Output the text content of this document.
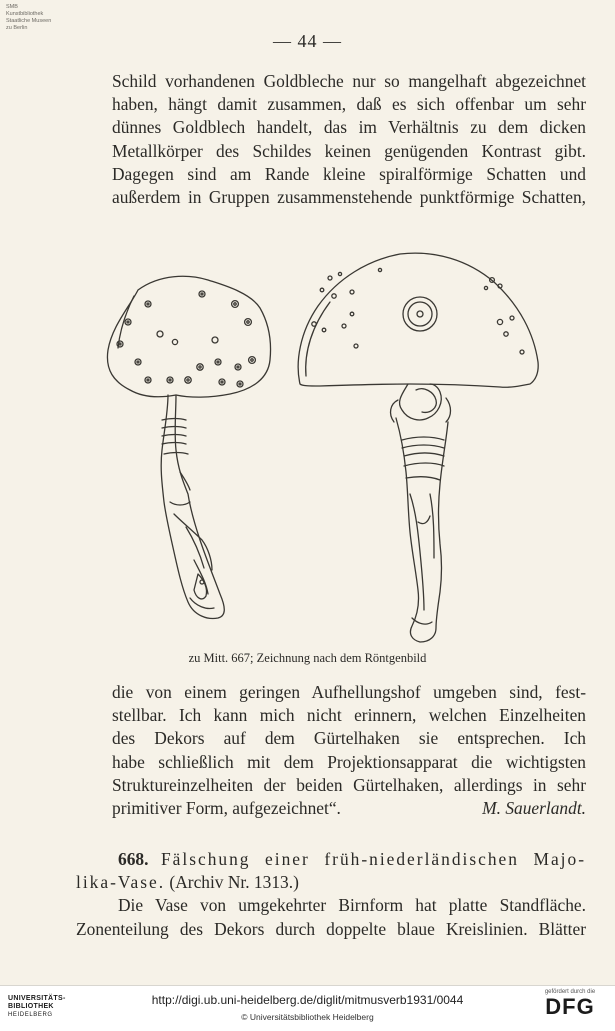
SMB
Kunstbibliothek
Staatliche Museen
zu Berlin
— 44 —
Schild vorhandenen Goldbleche nur so mangelhaft abgezeichnet
haben, hängt damit zusammen, daß es sich offenbar um sehr
dünnes Goldblech handelt, das im Verhältnis zu dem dicken
Metallkörper des Schildes keinen genügenden Kontrast gibt.
Dagegen sind am Rande kleine spiralförmige Schatten und
außerdem in Gruppen zusammenstehende punktförmige Schatten,
zu Mitt. 667; Zeichnung nach dem Röntgenbild
die von einem geringen Aufhellungshof umgeben sind, fest-
stellbar. Ich kann mich nicht erinnern, welchen Einzelheiten
des Dekors auf dem Gürtelhaken sie entsprechen. Ich
habe schließlich mit dem Projektionsapparat die wichtigsten
Struktureinzelheiten der beiden Gürtelhaken, allerdings in sehr
primitiver Form, aufgezeichnet“.	M. Sauerlandt.
668. Fälschung einer früh-niederländischen Majo-
lika-Vase. (Archiv Nr. 1313.)
Die Vase von umgekehrter Birnform hat platte Standfläche.
Zonenteilung des Dekors durch doppelte blaue Kreislinien. Blätter
UNIVERSITÄTS-
BIBLIOTHEK
HEIDELBERG
http://digi.ub.uni-heidelberg.de/diglit/mitmusverb1931/0044
© Universitätsbibliothek Heidelberg
gefördert durch die
DFG
